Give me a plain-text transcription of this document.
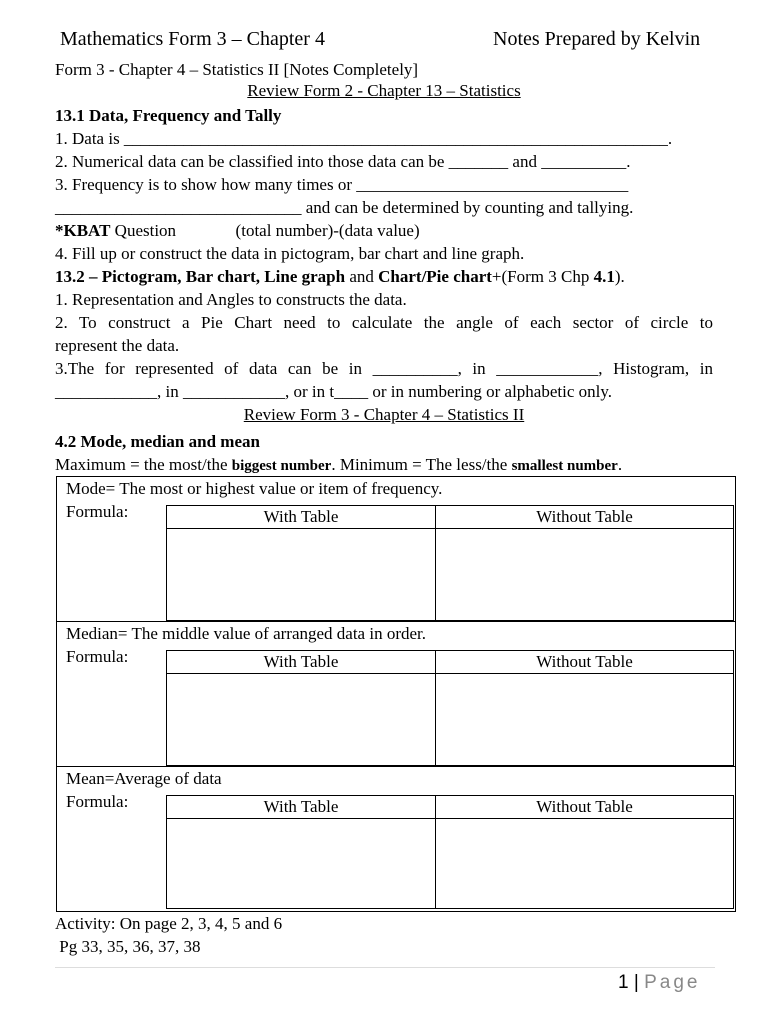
Mathematics Form 3 – Chapter 4	Notes Prepared by Kelvin
Form 3 - Chapter 4 – Statistics II [Notes Completely]
Review Form 2 - Chapter 13 – Statistics
13.1 Data, Frequency and Tally
1. Data is ________________________________________________________________.
2. Numerical data can be classified into those data can be _______ and __________.
3. Frequency is to show how many times or ________________________________
_____________________________ and can be determined by counting and tallying.
*KBAT Question              (total number)-(data value)
4. Fill up or construct the data in pictogram, bar chart and line graph.
13.2 – Pictogram, Bar chart, Line graph and Chart/Pie chart+(Form 3 Chp 4.1).
1. Representation and Angles to constructs the data.
2. To construct a Pie Chart need to calculate the angle of each sector of circle to
represent the data.
3.The for represented of data can be in __________, in ____________, Histogram, in
____________, in ____________, or in t____ or in numbering or alphabetic only.
Review Form 3 - Chapter 4 – Statistics II
4.2 Mode, median and mean
Maximum = the most/the biggest number. Minimum = The less/the smallest number.
Mode= The most or highest value or item of frequency.
Formula:	With Table	Without Table
Median= The middle value of arranged data in order.
Formula:	With Table	Without Table
Mean=Average of data
Formula:	With Table	Without Table
Activity: On page 2, 3, 4, 5 and 6
Pg 33, 35, 36, 37, 38
1 | Page
